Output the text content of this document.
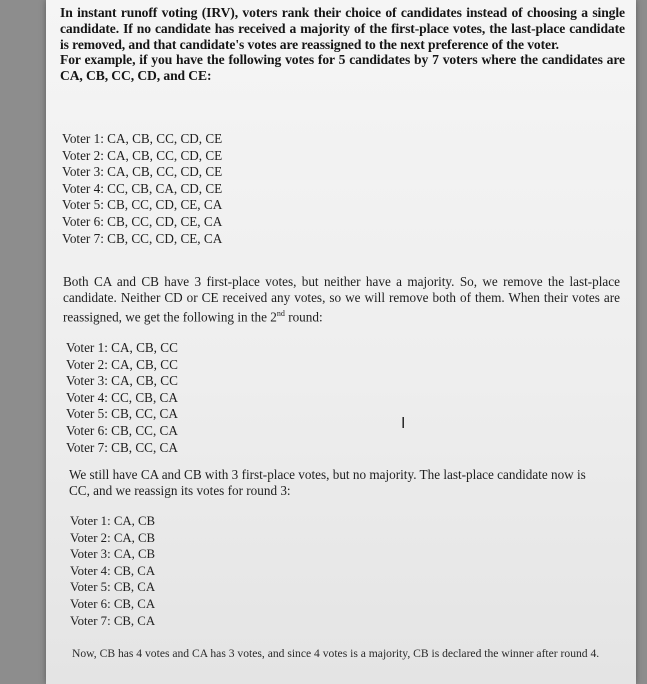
In instant runoff voting (IRV), voters rank their choice of candidates instead of choosing a single candidate. If no candidate has received a majority of the first-place votes, the last-place candidate is removed, and that candidate's votes are reassigned to the next preference of the voter.

For example, if you have the following votes for 5 candidates by 7 voters where the candidates are CA, CB, CC, CD, and CE:

Voter 1: CA, CB, CC, CD, CE
Voter 2: CA, CB, CC, CD, CE
Voter 3: CA, CB, CC, CD, CE
Voter 4: CC, CB, CA, CD, CE
Voter 5: CB, CC, CD, CE, CA
Voter 6: CB, CC, CD, CE, CA
Voter 7: CB, CC, CD, CE, CA

Both CA and CB have 3 first-place votes, but neither have a majority. So, we remove the last-place candidate. Neither CD or CE received any votes, so we will remove both of them. When their votes are reassigned, we get the following in the 2nd round:

Voter 1: CA, CB, CC
Voter 2: CA, CB, CC
Voter 3: CA, CB, CC
Voter 4: CC, CB, CA
Voter 5: CB, CC, CA
Voter 6: CB, CC, CA
Voter 7: CB, CC, CA
I

We still have CA and CB with 3 first-place votes, but no majority. The last-place candidate now is CC, and we reassign its votes for round 3:

Voter 1: CA, CB
Voter 2: CA, CB
Voter 3: CA, CB
Voter 4: CB, CA
Voter 5: CB, CA
Voter 6: CB, CA
Voter 7: CB, CA

Now, CB has 4 votes and CA has 3 votes, and since 4 votes is a majority, CB is declared the winner after round 4.
